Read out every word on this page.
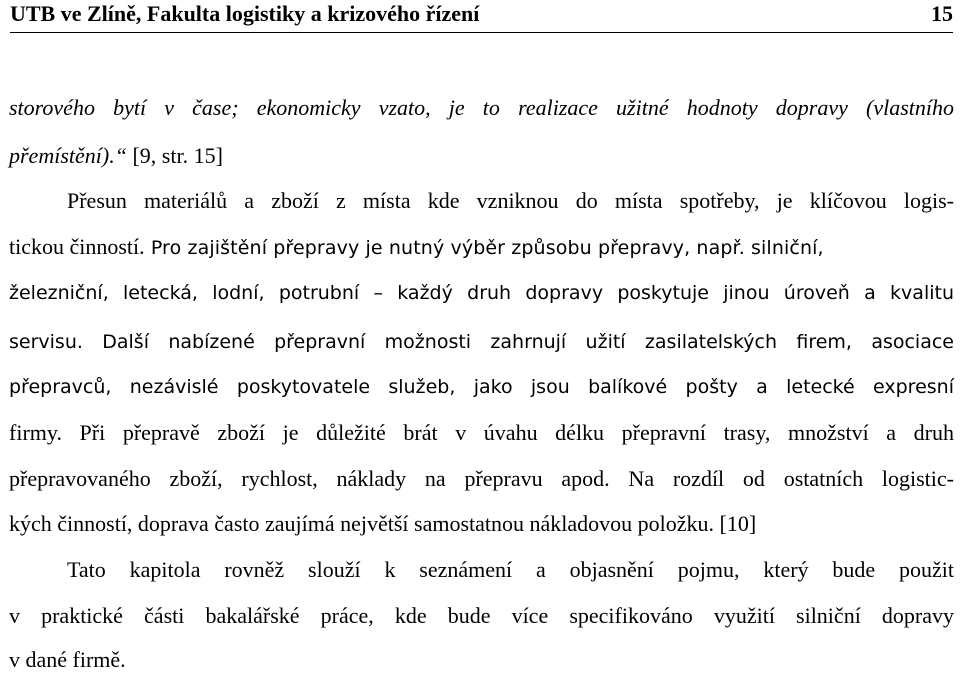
UTB ve Zlíně, Fakulta logistiky a krizového řízení	15
storového bytí v čase; ekonomicky vzato, je to realizace užitné hodnoty dopravy (vlastního
přemístění).“ [9, str. 15]
Přesun materiálů a zboží z místa kde vzniknou do místa spotřeby, je klíčovou logis-
tickou činností. Pro zajištění přepravy je nutný výběr způsobu přepravy, např. silniční,
železniční, letecká, lodní, potrubní – každý druh dopravy poskytuje jinou úroveň a kvalitu
servisu. Další nabízené přepravní možnosti zahrnují užití zasilatelských firem, asociace
přepravců, nezávislé poskytovatele služeb, jako jsou balíkové pošty a letecké expresní
firmy. Při přepravě zboží je důležité brát v úvahu délku přepravní trasy, množství a druh
přepravovaného zboží, rychlost, náklady na přepravu apod. Na rozdíl od ostatních logistic-
kých činností, doprava často zaujímá největší samostatnou nákladovou položku. [10]
Tato kapitola rovněž slouží k seznámení a objasnění pojmu, který bude použit
v praktické části bakalářské práce, kde bude více specifikováno využití silniční dopravy
v dané firmě.
